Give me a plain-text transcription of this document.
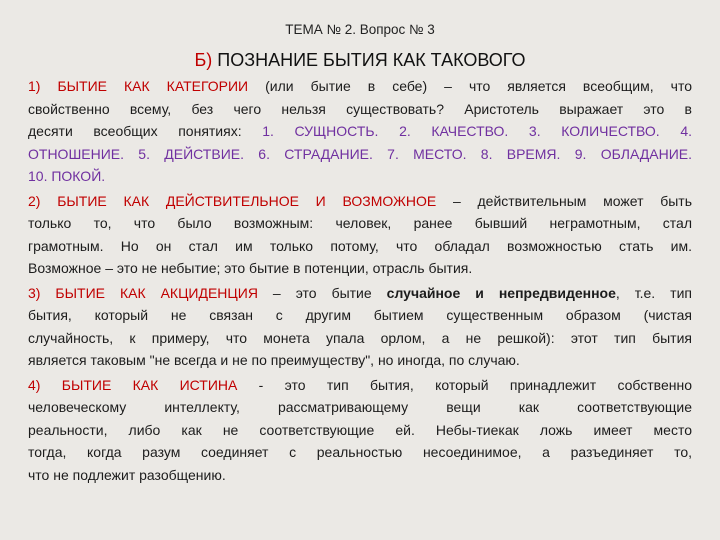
ТЕМА № 2. Вопрос № 3
Б) ПОЗНАНИЕ БЫТИЯ КАК ТАКОВОГО
1) БЫТИЕ КАК КАТЕГОРИИ (или бытие в себе) – что является всеобщим, что
свойственно всему, без чего нельзя существовать? Аристотель выражает это в
десяти всеобщих понятиях: 1. СУЩНОСТЬ. 2. КАЧЕСТВО. 3. КОЛИЧЕСТВО. 4.
ОТНОШЕНИЕ. 5. ДЕЙСТВИЕ. 6. СТРАДАНИЕ. 7. МЕСТО. 8. ВРЕМЯ. 9. ОБЛАДАНИЕ.
10. ПОКОЙ.
2) БЫТИЕ КАК ДЕЙСТВИТЕЛЬНОЕ И ВОЗМОЖНОЕ – действительным может быть
только то, что было возможным: человек, ранее бывший неграмотным, стал
грамотным. Но он стал им только потому, что обладал возможностью стать им.
Возможное – это не небытие; это бытие в потенции, отрасль бытия.
3) БЫТИЕ КАК АКЦИДЕНЦИЯ – это бытие случайное и непредвиденное, т.е. тип
бытия, который не связан с другим бытием существенным образом (чистая
случайность, к примеру, что монета упала орлом, а не решкой): этот тип бытия
является таковым "не всегда и не по преимуществу", но иногда, по случаю.
4) БЫТИЕ КАК ИСТИНА - это тип бытия, который принадлежит собственно
человеческому интеллекту, рассматривающему вещи как соответствующие
реальности, либо как не соответствующие ей. Небы-тиекак ложь имеет место
тогда, когда разум соединяет с реальностью несоединимое, а разъединяет то,
что не подлежит разобщению.
